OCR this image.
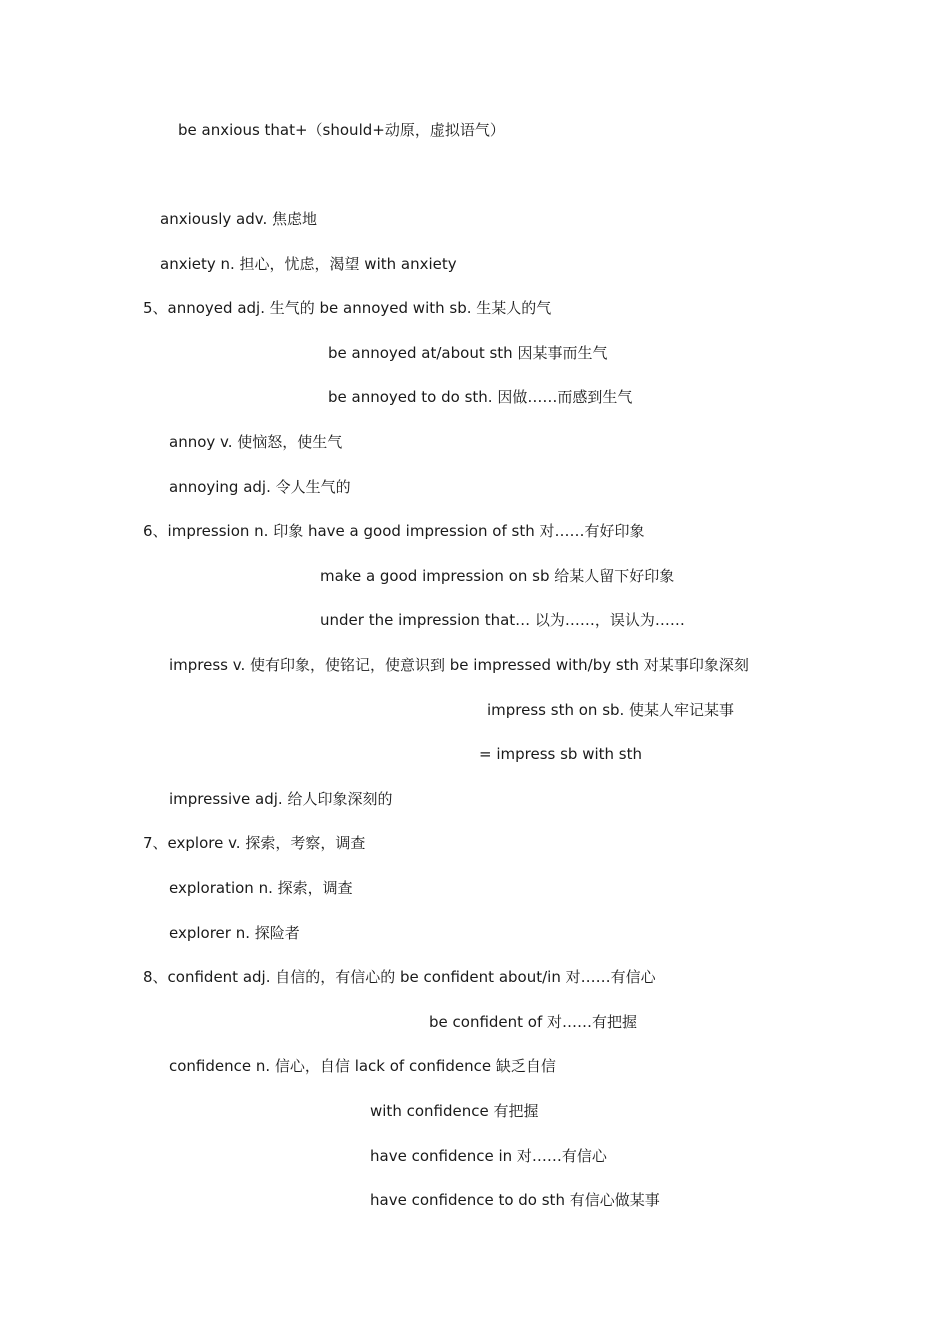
be anxious that+（should+动原，虚拟语气）
anxiously adv. 焦虑地
anxiety n. 担心，忧虑，渴望 with anxiety
5、annoyed adj. 生气的 be annoyed with sb. 生某人的气
be annoyed at/about sth 因某事而生气
be annoyed to do sth. 因做……而感到生气
annoy v. 使恼怒，使生气
annoying adj. 令人生气的
6、impression n. 印象 have a good impression of sth 对……有好印象
make a good impression on sb 给某人留下好印象
under the impression that… 以为……，误认为……
impress v. 使有印象，使铭记，使意识到 be impressed with/by sth 对某事印象深刻
impress sth on sb. 使某人牢记某事
= impress sb with sth
impressive adj. 给人印象深刻的
7、explore v. 探索，考察，调查
exploration n. 探索，调查
explorer n. 探险者
8、confident adj. 自信的，有信心的 be confident about/in 对……有信心
be confident of 对……有把握
confidence n. 信心，自信 lack of confidence 缺乏自信
with confidence 有把握
have confidence in 对……有信心
have confidence to do sth 有信心做某事
